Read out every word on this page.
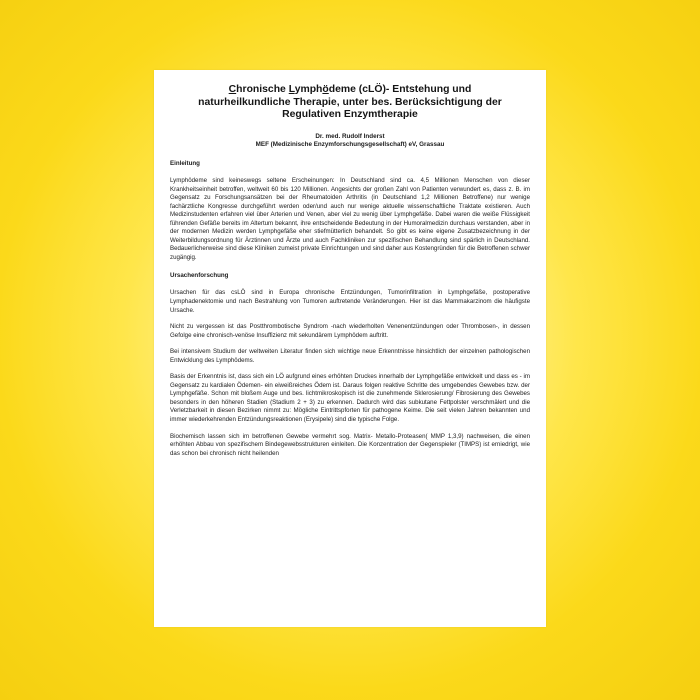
Chronische Lymphödeme (cLÖ)- Entstehung und
naturheilkundliche Therapie, unter bes. Berücksichtigung der
Regulativen Enzymtherapie
Dr. med. Rudolf Inderst
MEF (Medizinische Enzymforschungsgesellschaft) eV, Grassau
Einleitung

Lymphödeme sind keineswegs seltene Erscheinungen: In Deutschland sind ca. 4,5 Millionen Menschen von dieser Krankheitseinheit betroffen, weltweit 60 bis 120 Millionen. Angesichts der großen Zahl von Patienten verwundert es, dass z. B. im Gegensatz zu Forschungsansätzen bei der Rheumatoiden Arthritis (in Deutschland 1,2 Millionen Betroffene) nur wenige fachärztliche Kongresse durchgeführt werden oder/und auch nur wenige aktuelle wissenschaftliche Traktate existieren. Auch Medizinstudenten erfahren viel über Arterien und Venen, aber viel zu wenig über Lymphgefäße. Dabei waren die weiße Flüssigkeit führenden Gefäße bereits im Altertum bekannt, ihre entscheidende Bedeutung in der Humoralmedizin durchaus verstanden, aber in der modernen Medizin werden Lymphgefäße eher stiefmütterlich behandelt. So gibt es keine eigene Zusatzbezeichnung in der Weiterbildungsordnung für Ärztinnen und Ärzte und auch Fachkliniken zur spezifischen Behandlung sind spärlich in Deutschland. Bedauerlicherweise sind diese Kliniken zumeist private Einrichtungen und sind daher aus Kostengründen für die Betroffenen schwer zugängig.

Ursachenforschung

Ursachen für das csLÖ sind in Europa chronische Entzündungen, Tumorinfiltration in Lymphgefäße, postoperative Lymphadenektomie und nach Bestrahlung von Tumoren auftretende Veränderungen. Hier ist das Mammakarzinom die häufigste Ursache.

Nicht zu vergessen ist das Postthrombotische Syndrom -nach wiederholten Venenentzündungen oder Thrombosen-, in dessen Gefolge eine chronisch-venöse Insuffizienz mit sekundärem Lymphödem auftritt.

Bei intensivem Studium der weltweiten Literatur finden sich wichtige neue Erkenntnisse hinsichtlich der einzelnen pathologischen Entwicklung des Lymphödems.

Basis der Erkenntnis ist, dass sich ein LÖ aufgrund eines erhöhten Druckes innerhalb der Lymphgefäße entwickelt und dass es - im Gegensatz zu kardialen Ödemen- ein eiweißreiches Ödem ist. Daraus folgen reaktive Schritte des umgebendes Gewebes bzw. der Lymphgefäße. Schon mit bloßem Auge und bes. lichtmikroskopisch ist die zunehmende Sklerosierung/ Fibrosierung des Gewebes besonders in den höheren Stadien (Stadium 2 + 3) zu erkennen. Dadurch wird das subkutane Fettpolster verschmälert und die Verletzbarkeit in diesen Bezirken nimmt zu: Mögliche Eintrittspforten für pathogene Keime. Die seit vielen Jahren bekannten und immer wiederkehrenden Entzündungsreaktionen (Erysipele) sind die typische Folge.

Biochemisch lassen sich im betroffenen Gewebe vermehrt sog. Matrix- Metallo-Proteasen( MMP 1,3,9) nachweisen, die einen erhöhten Abbau von spezifischem Bindegewebsstrukturen einleiten. Die Konzentration der Gegenspieler (TIMPS) ist erniedrigt, wie das schon bei chronisch nicht heilenden
